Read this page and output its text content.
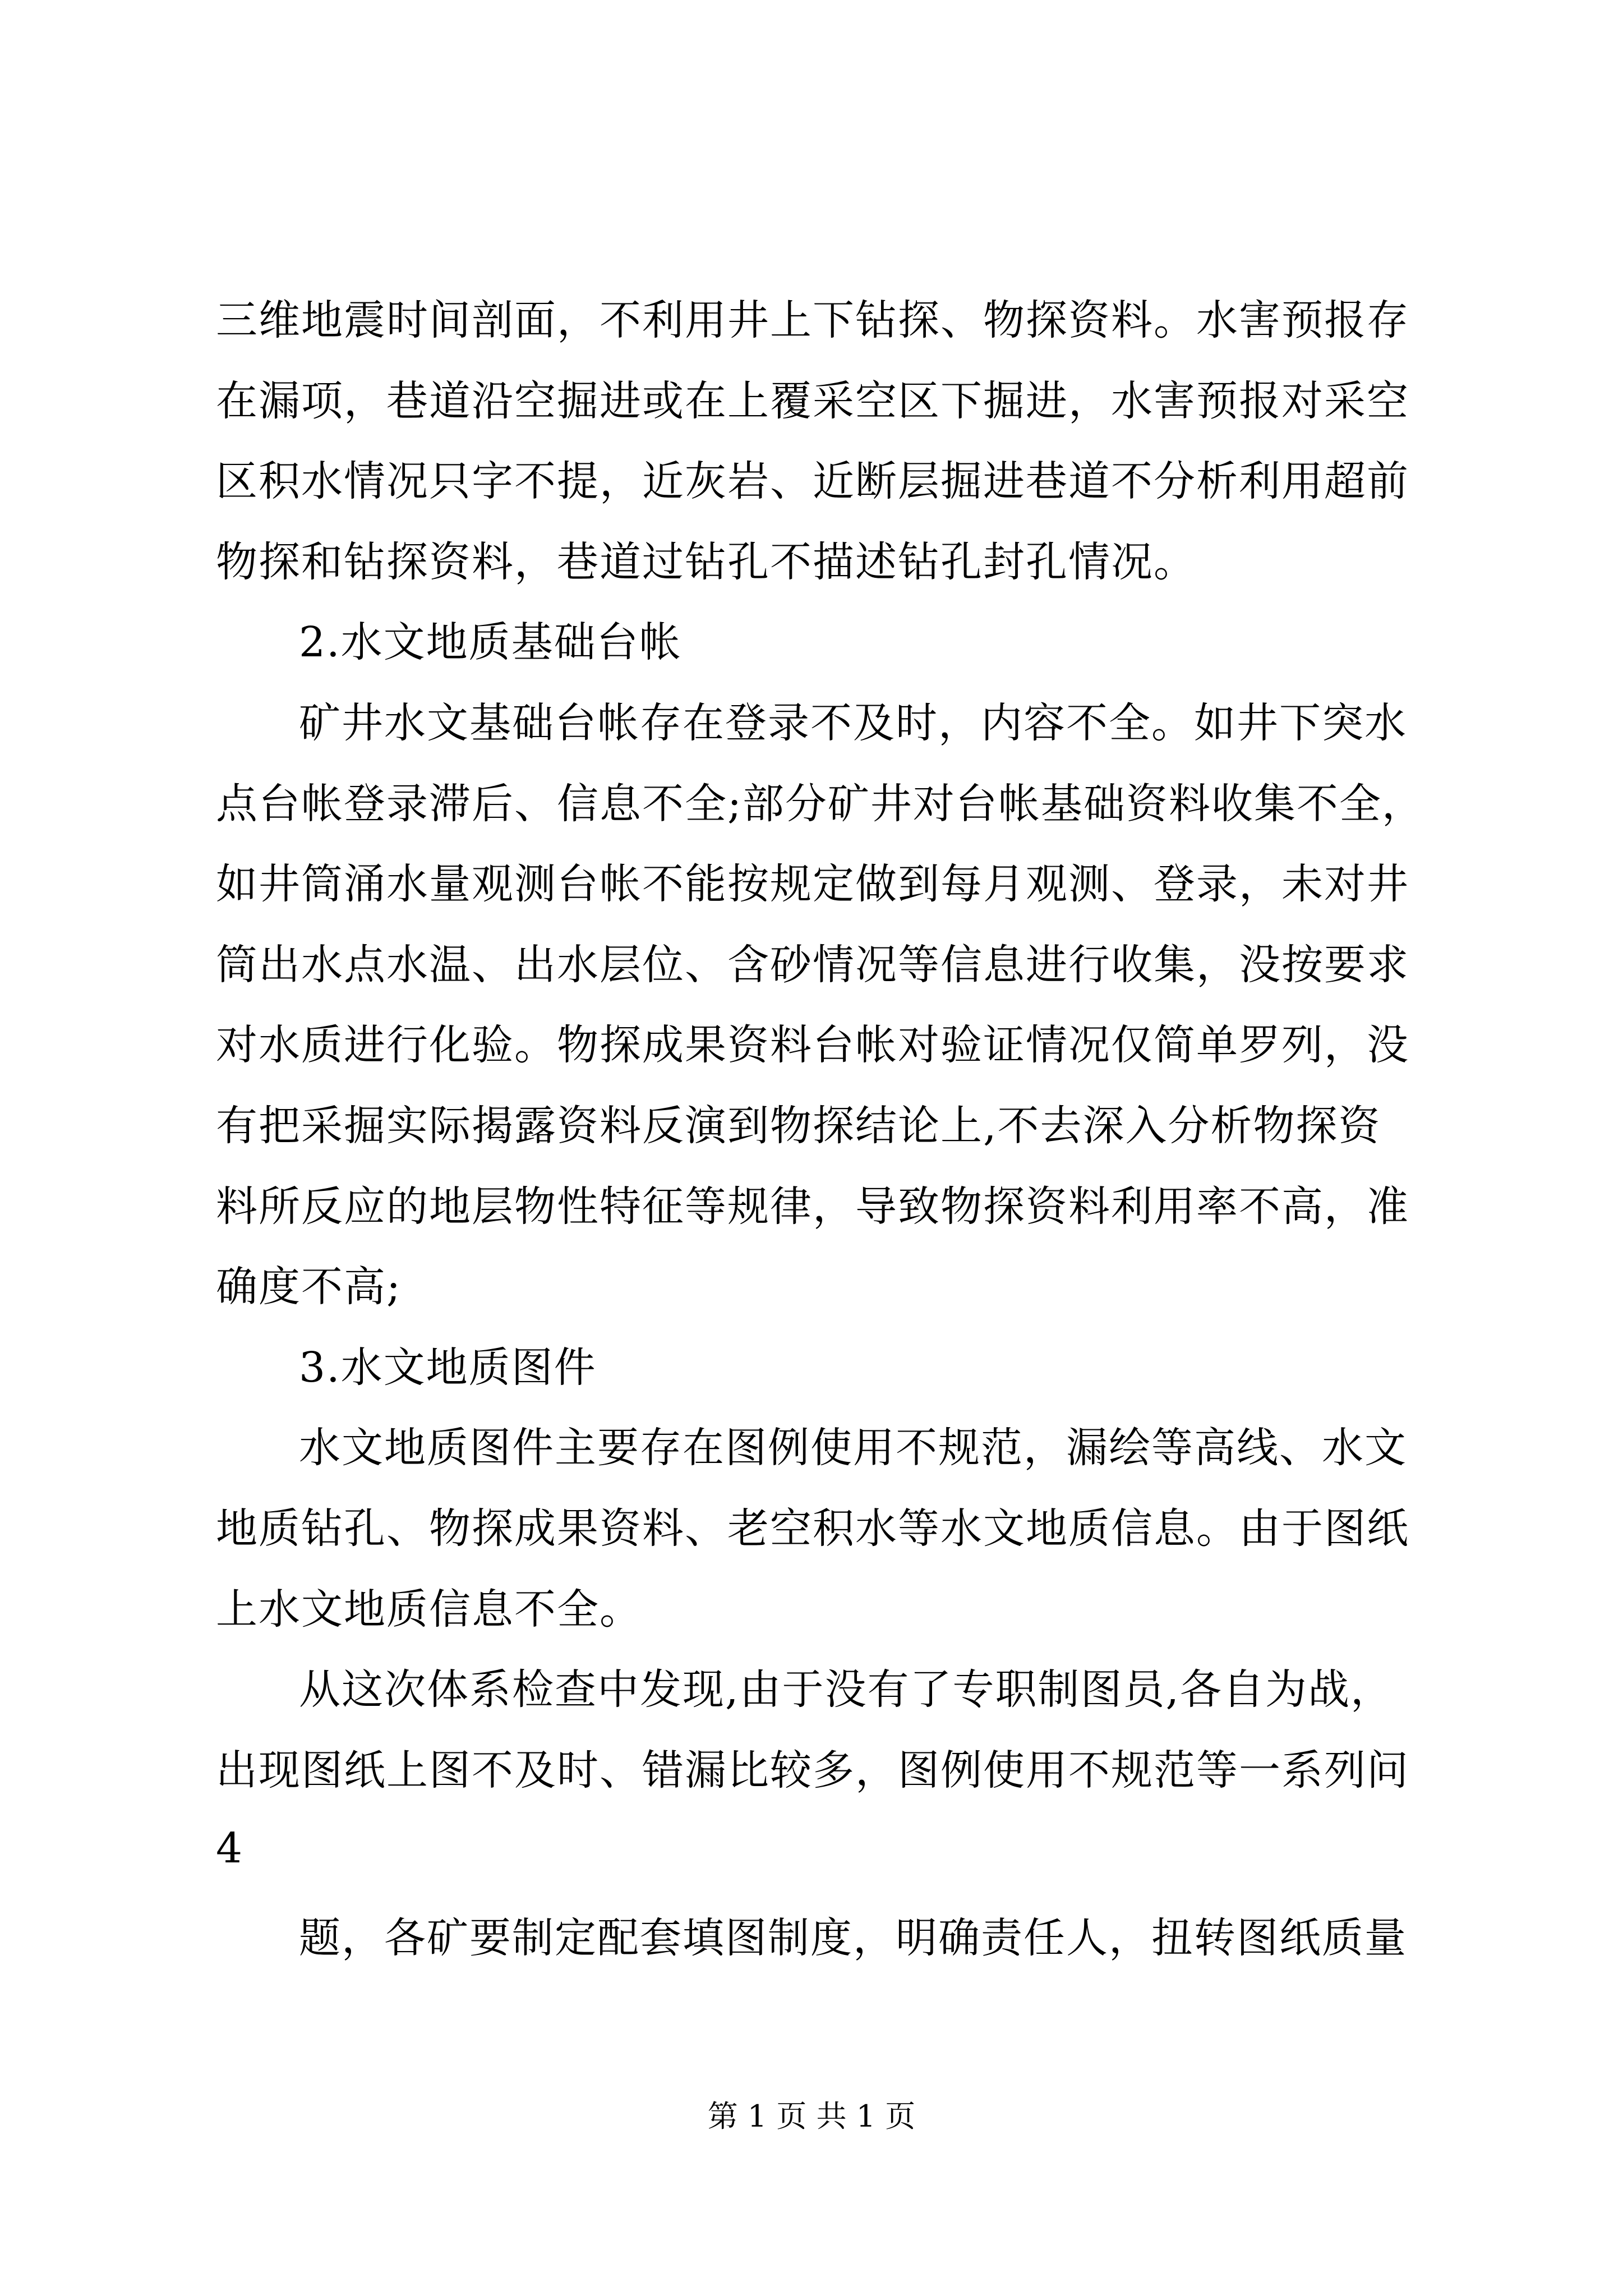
三维地震时间剖面，不利用井上下钻探、物探资料。水害预报存
在漏项，巷道沿空掘进或在上覆采空区下掘进，水害预报对采空
区积水情况只字不提，近灰岩、近断层掘进巷道不分析利用超前
物探和钻探资料，巷道过钻孔不描述钻孔封孔情况。
2.水文地质基础台帐
矿井水文基础台帐存在登录不及时，内容不全。如井下突水
点台帐登录滞后、信息不全;部分矿井对台帐基础资料收集不全，
如井筒涌水量观测台帐不能按规定做到每月观测、登录，未对井
筒出水点水温、出水层位、含砂情况等信息进行收集，没按要求
对水质进行化验。物探成果资料台帐对验证情况仅简单罗列，没
有把采掘实际揭露资料反演到物探结论上,不去深入分析物探资
料所反应的地层物性特征等规律，导致物探资料利用率不高，准
确度不高;
3.水文地质图件
水文地质图件主要存在图例使用不规范，漏绘等高线、水文
地质钻孔、物探成果资料、老空积水等水文地质信息。由于图纸
上水文地质信息不全。
从这次体系检查中发现,由于没有了专职制图员,各自为战，
出现图纸上图不及时、错漏比较多，图例使用不规范等一系列问
4
题，各矿要制定配套填图制度，明确责任人，扭转图纸质量
第 1 页 共 1 页
